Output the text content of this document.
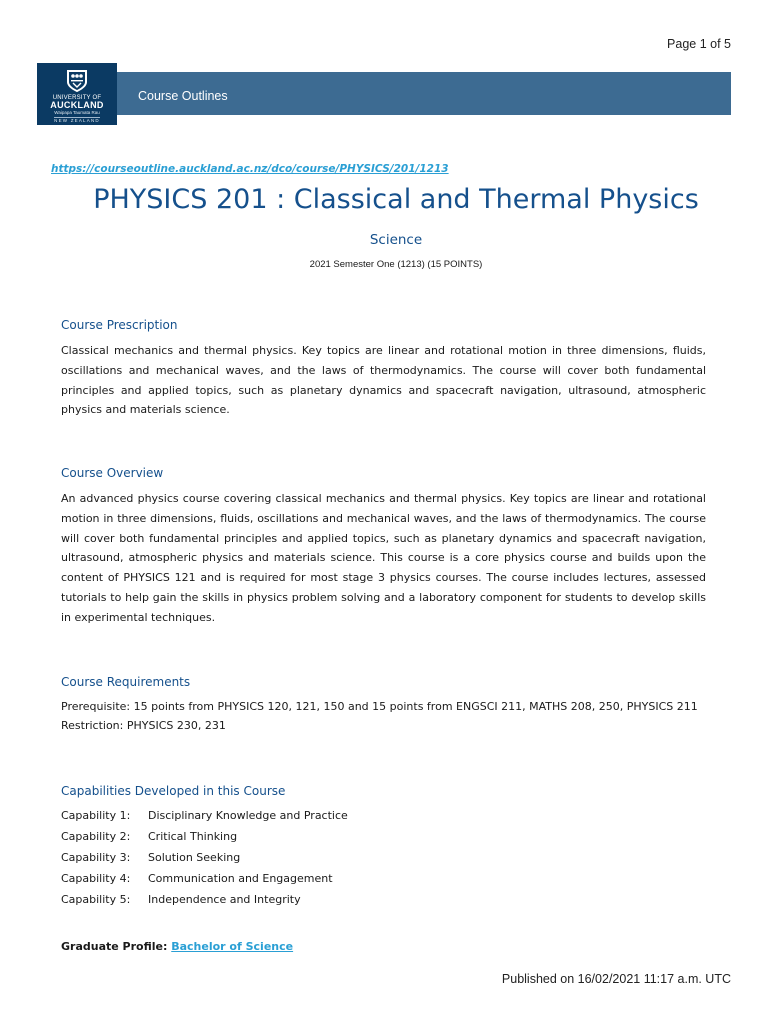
Page 1 of 5
UNIVERSITY OF
AUCKLAND
Waipapa Taumata Rau
NEW ZEALAND
Course Outlines
https://courseoutline.auckland.ac.nz/dco/course/PHYSICS/201/1213
PHYSICS 201 : Classical and Thermal Physics
Science
2021 Semester One (1213) (15 POINTS)
Course Prescription
Classical mechanics and thermal physics. Key topics are linear and rotational motion in three dimensions, fluids, oscillations and mechanical waves, and the laws of thermodynamics. The course will cover both fundamental principles and applied topics, such as planetary dynamics and spacecraft navigation, ultrasound, atmospheric physics and materials science.
Course Overview
An advanced physics course covering classical mechanics and thermal physics. Key topics are linear and rotational motion in three dimensions, fluids, oscillations and mechanical waves, and the laws of thermodynamics. The course will cover both fundamental principles and applied topics, such as planetary dynamics and spacecraft navigation, ultrasound, atmospheric physics and materials science. This course is a core physics course and builds upon the content of PHYSICS 121 and is required for most stage 3 physics courses. The course includes lectures, assessed tutorials to help gain the skills in physics problem solving and a laboratory component for students to develop skills in experimental techniques.
Course Requirements
Prerequisite: 15 points from PHYSICS 120, 121, 150 and 15 points from ENGSCI 211, MATHS 208, 250, PHYSICS 211
Restriction: PHYSICS 230, 231
Capabilities Developed in this Course
Capability 1: Disciplinary Knowledge and Practice
Capability 2: Critical Thinking
Capability 3: Solution Seeking
Capability 4: Communication and Engagement
Capability 5: Independence and Integrity
Graduate Profile: Bachelor of Science
Published on 16/02/2021 11:17 a.m. UTC
